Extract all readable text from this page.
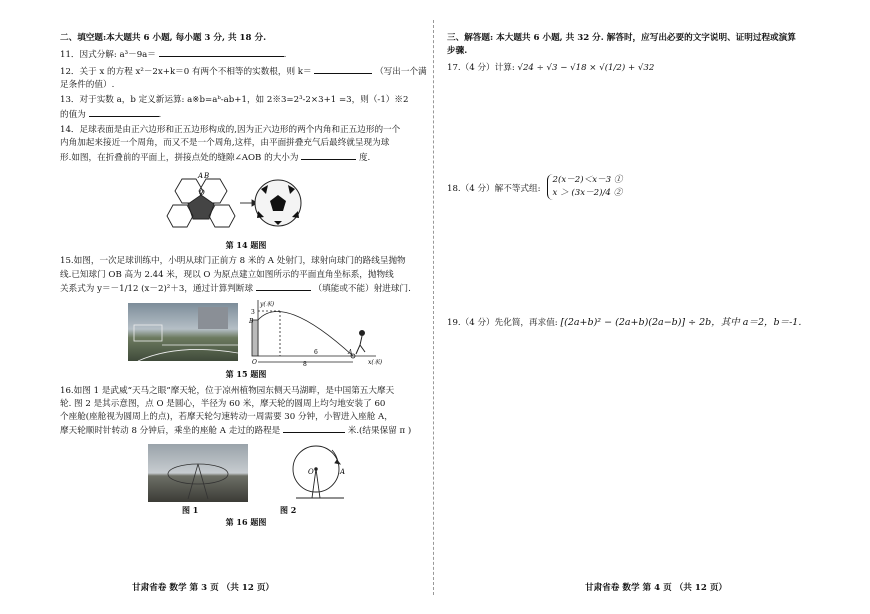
二、填空题:本大题共 6 小题, 每小题 3 分, 共 18 分.
11．因式分解: a³－9a＝	.
12．关于 x 的方程 x²－2x+k＝0 有两个不相等的实数根，则 k＝	（写出一个满足条件的值）.
13．对于实数 a，b 定义新运算: a※b=aᵇ-ab+1，如 2※3=2³-2×3+1 =3，则（-1）※2
的值为	.
14．足球表面是由正六边形和正五边形构成的,因为正六边形的两个内角和正五边形的一个
内角加起来接近一个周角，而又不是一个周角,这样，由平面拼叠充气后最终就呈现为球
形.如图，在折叠前的平面上，拼接点处的缝隙∠AOB 的大小为	度.
A B
O
第 14 题图
15.如图，一次足球训练中，小明从球门正前方 8 米的 A 处射门，球射向球门的路线呈抛物
线.已知球门 OB 高为 2.44 米，现以 O 为原点建立如图所示的平面直角坐标系，抛物线
关系式为 y＝－1/12 (x－2)²＋3，通过计算判断球	（填能或不能）射进球门.
y(米)
x(米)
3
B
O
A
6
8
第 15 题图
16.如图 1 是武威“天马之眼”摩天轮，位于凉州植物园东侧天马湖畔，是中国第五大摩天
轮. 图 2 是其示意图，点 O 是圆心，半径为 60 米，摩天轮的圆周上均匀地安装了 60
个座舱(座舱视为圆周上的点)，若摩天轮匀速转动一周需要 30 分钟，小智进入座舱 A，
摩天轮顺时针转动 8 分钟后，乘坐的座舱 A 走过的路程是	米.(结果保留 π )
O	A
图 1	图 2
第 16 题图
甘肃省卷 数学 第 3 页 （共 12 页）
三、解答题: 本大题共 6 小题, 共 32 分. 解答时，应写出必要的文字说明、证明过程或演算
步骤.
17.（4 分）计算: √24 ÷ √3 − √18 × √(1/2) + √32
18.（4 分）解不等式组:
2(x－2)＜x－3 ①
x ＞ (3x－2)/4 ②
19.（4 分）先化简，再求值: [(2a+b)² − (2a+b)(2a−b)] ÷ 2b，其中 a＝2，b＝-1.
甘肃省卷 数学 第 4 页 （共 12 页）
